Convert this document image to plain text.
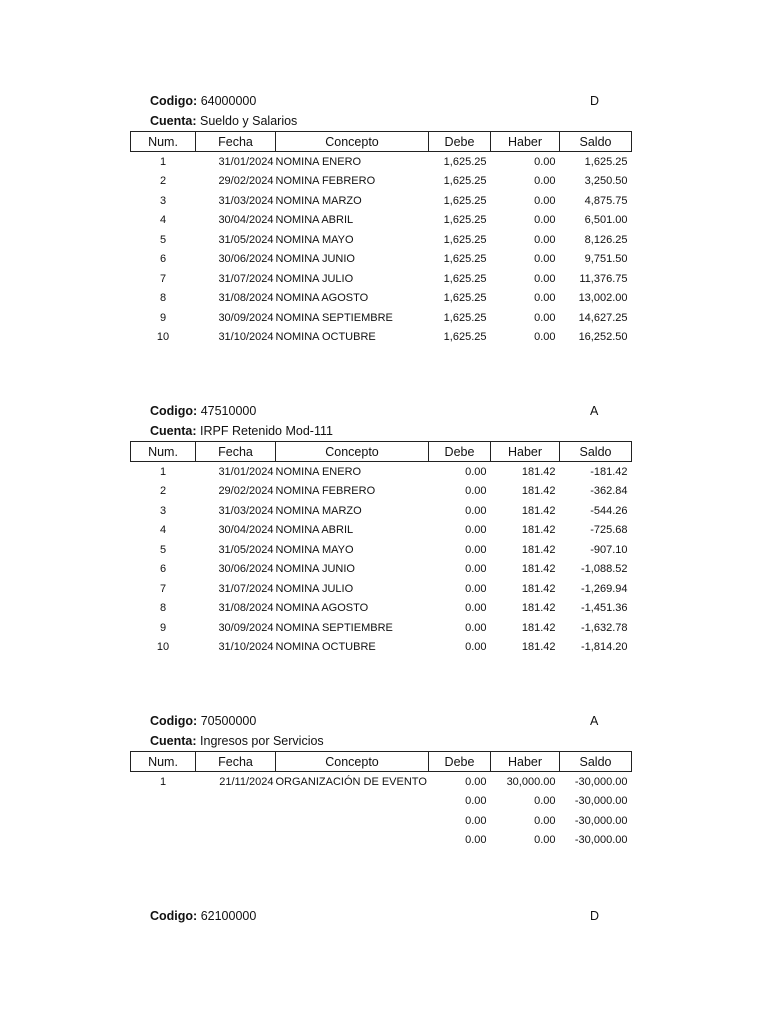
Codigo: 64000000	D
Cuenta: Sueldo y Salarios
Num.	Fecha	Concepto	Debe	Haber	Saldo
1	31/01/2024	NOMINA ENERO	1,625.25	0.00	1,625.25
2	29/02/2024	NOMINA FEBRERO	1,625.25	0.00	3,250.50
3	31/03/2024	NOMINA MARZO	1,625.25	0.00	4,875.75
4	30/04/2024	NOMINA ABRIL	1,625.25	0.00	6,501.00
5	31/05/2024	NOMINA MAYO	1,625.25	0.00	8,126.25
6	30/06/2024	NOMINA JUNIO	1,625.25	0.00	9,751.50
7	31/07/2024	NOMINA JULIO	1,625.25	0.00	11,376.75
8	31/08/2024	NOMINA AGOSTO	1,625.25	0.00	13,002.00
9	30/09/2024	NOMINA SEPTIEMBRE	1,625.25	0.00	14,627.25
10	31/10/2024	NOMINA OCTUBRE	1,625.25	0.00	16,252.50
Codigo: 47510000	A
Cuenta: IRPF Retenido Mod-111
Num.	Fecha	Concepto	Debe	Haber	Saldo
1	31/01/2024	NOMINA ENERO	0.00	181.42	-181.42
2	29/02/2024	NOMINA FEBRERO	0.00	181.42	-362.84
3	31/03/2024	NOMINA MARZO	0.00	181.42	-544.26
4	30/04/2024	NOMINA ABRIL	0.00	181.42	-725.68
5	31/05/2024	NOMINA MAYO	0.00	181.42	-907.10
6	30/06/2024	NOMINA JUNIO	0.00	181.42	-1,088.52
7	31/07/2024	NOMINA JULIO	0.00	181.42	-1,269.94
8	31/08/2024	NOMINA AGOSTO	0.00	181.42	-1,451.36
9	30/09/2024	NOMINA SEPTIEMBRE	0.00	181.42	-1,632.78
10	31/10/2024	NOMINA OCTUBRE	0.00	181.42	-1,814.20
Codigo: 70500000	A
Cuenta: Ingresos por Servicios
Num.	Fecha	Concepto	Debe	Haber	Saldo
1	21/11/2024	ORGANIZACIÓN DE EVENTO	0.00	30,000.00	-30,000.00
			0.00	0.00	-30,000.00
			0.00	0.00	-30,000.00
			0.00	0.00	-30,000.00
Codigo: 62100000	D
